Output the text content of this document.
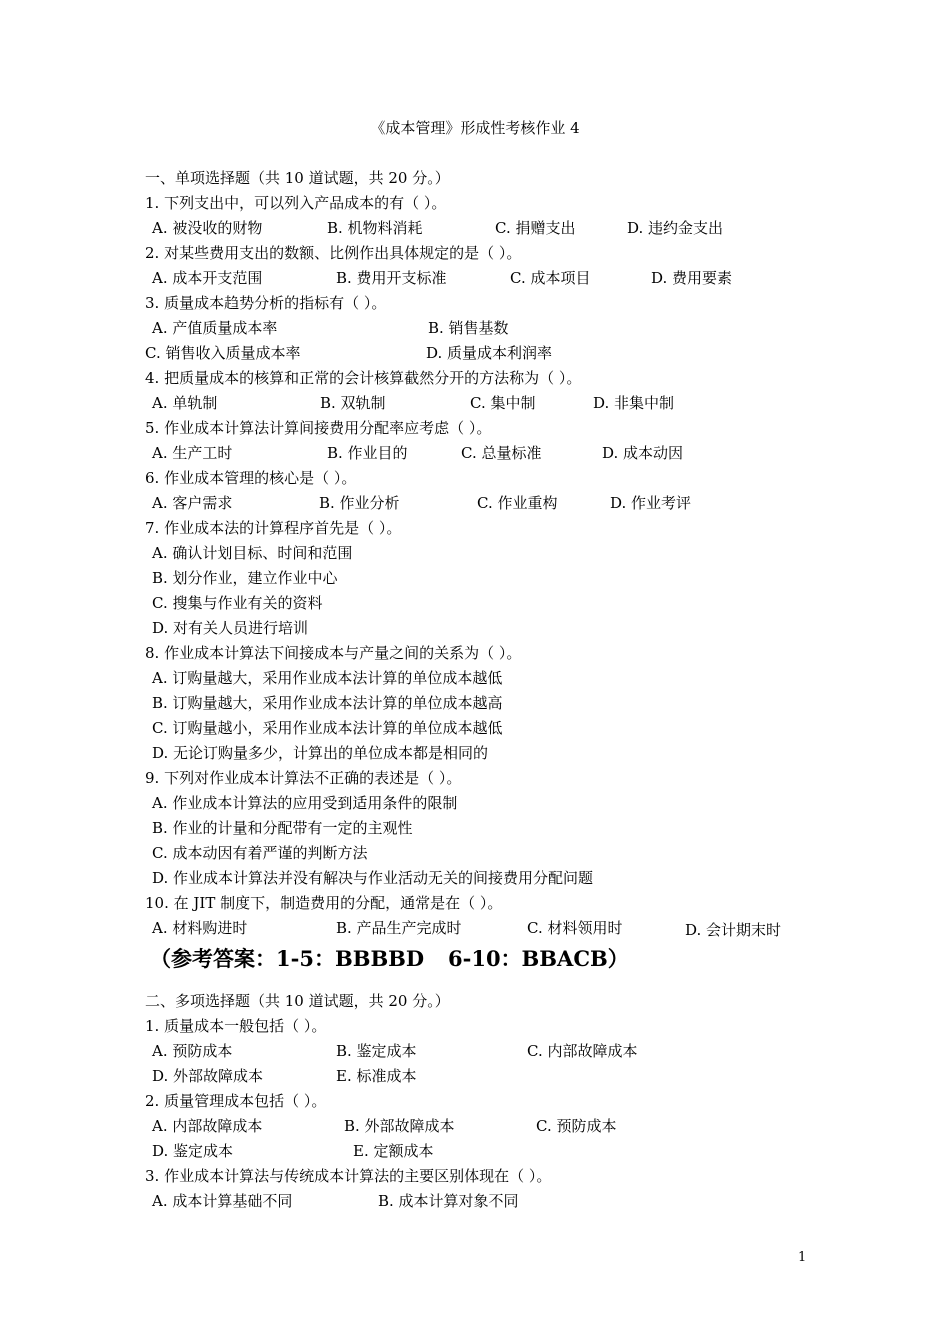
《成本管理》形成性考核作业 4
一、单项选择题（共 10 道试题，共 20 分。）
1. 下列支出中，可以列入产品成本的有（ ）。
A. 被没收的财物	B. 机物料消耗	C. 捐赠支出	D. 违约金支出
2. 对某些费用支出的数额、比例作出具体规定的是（ ）。
A. 成本开支范围	B. 费用开支标准	C. 成本项目	D. 费用要素
3. 质量成本趋势分析的指标有（ ）。
A. 产值质量成本率	B. 销售基数
C. 销售收入质量成本率	D. 质量成本利润率
4. 把质量成本的核算和正常的会计核算截然分开的方法称为（ ）。
A. 单轨制	B. 双轨制	C. 集中制	D. 非集中制
5. 作业成本计算法计算间接费用分配率应考虑（ ）。
A. 生产工时	B. 作业目的	C. 总量标准	D. 成本动因
6. 作业成本管理的核心是（ ）。
A. 客户需求	B. 作业分析	C. 作业重构	D. 作业考评
7. 作业成本法的计算程序首先是（ ）。
A. 确认计划目标、时间和范围
B. 划分作业，建立作业中心
C. 搜集与作业有关的资料
D. 对有关人员进行培训
8. 作业成本计算法下间接成本与产量之间的关系为（ ）。
A. 订购量越大，采用作业成本法计算的单位成本越低
B. 订购量越大，采用作业成本法计算的单位成本越高
C. 订购量越小，采用作业成本法计算的单位成本越低
D. 无论订购量多少，计算出的单位成本都是相同的
9. 下列对作业成本计算法不正确的表述是（ ）。
A. 作业成本计算法的应用受到适用条件的限制
B. 作业的计量和分配带有一定的主观性
C. 成本动因有着严谨的判断方法
D. 作业成本计算法并没有解决与作业活动无关的间接费用分配问题
10. 在 JIT 制度下，制造费用的分配，通常是在（ ）。
A. 材料购进时	B. 产品生产完成时	C. 材料领用时	D. 会计期末时
（参考答案：1-5：BBBBD 6-10：BBACB）
二、多项选择题（共 10 道试题，共 20 分。）
1. 质量成本一般包括（ ）。
A. 预防成本	B. 鉴定成本	C. 内部故障成本
D. 外部故障成本	E. 标准成本
2. 质量管理成本包括（ ）。
A. 内部故障成本	B. 外部故障成本	C. 预防成本
D. 鉴定成本	E. 定额成本
3. 作业成本计算法与传统成本计算法的主要区别体现在（ ）。
A. 成本计算基础不同	B. 成本计算对象不同
1
